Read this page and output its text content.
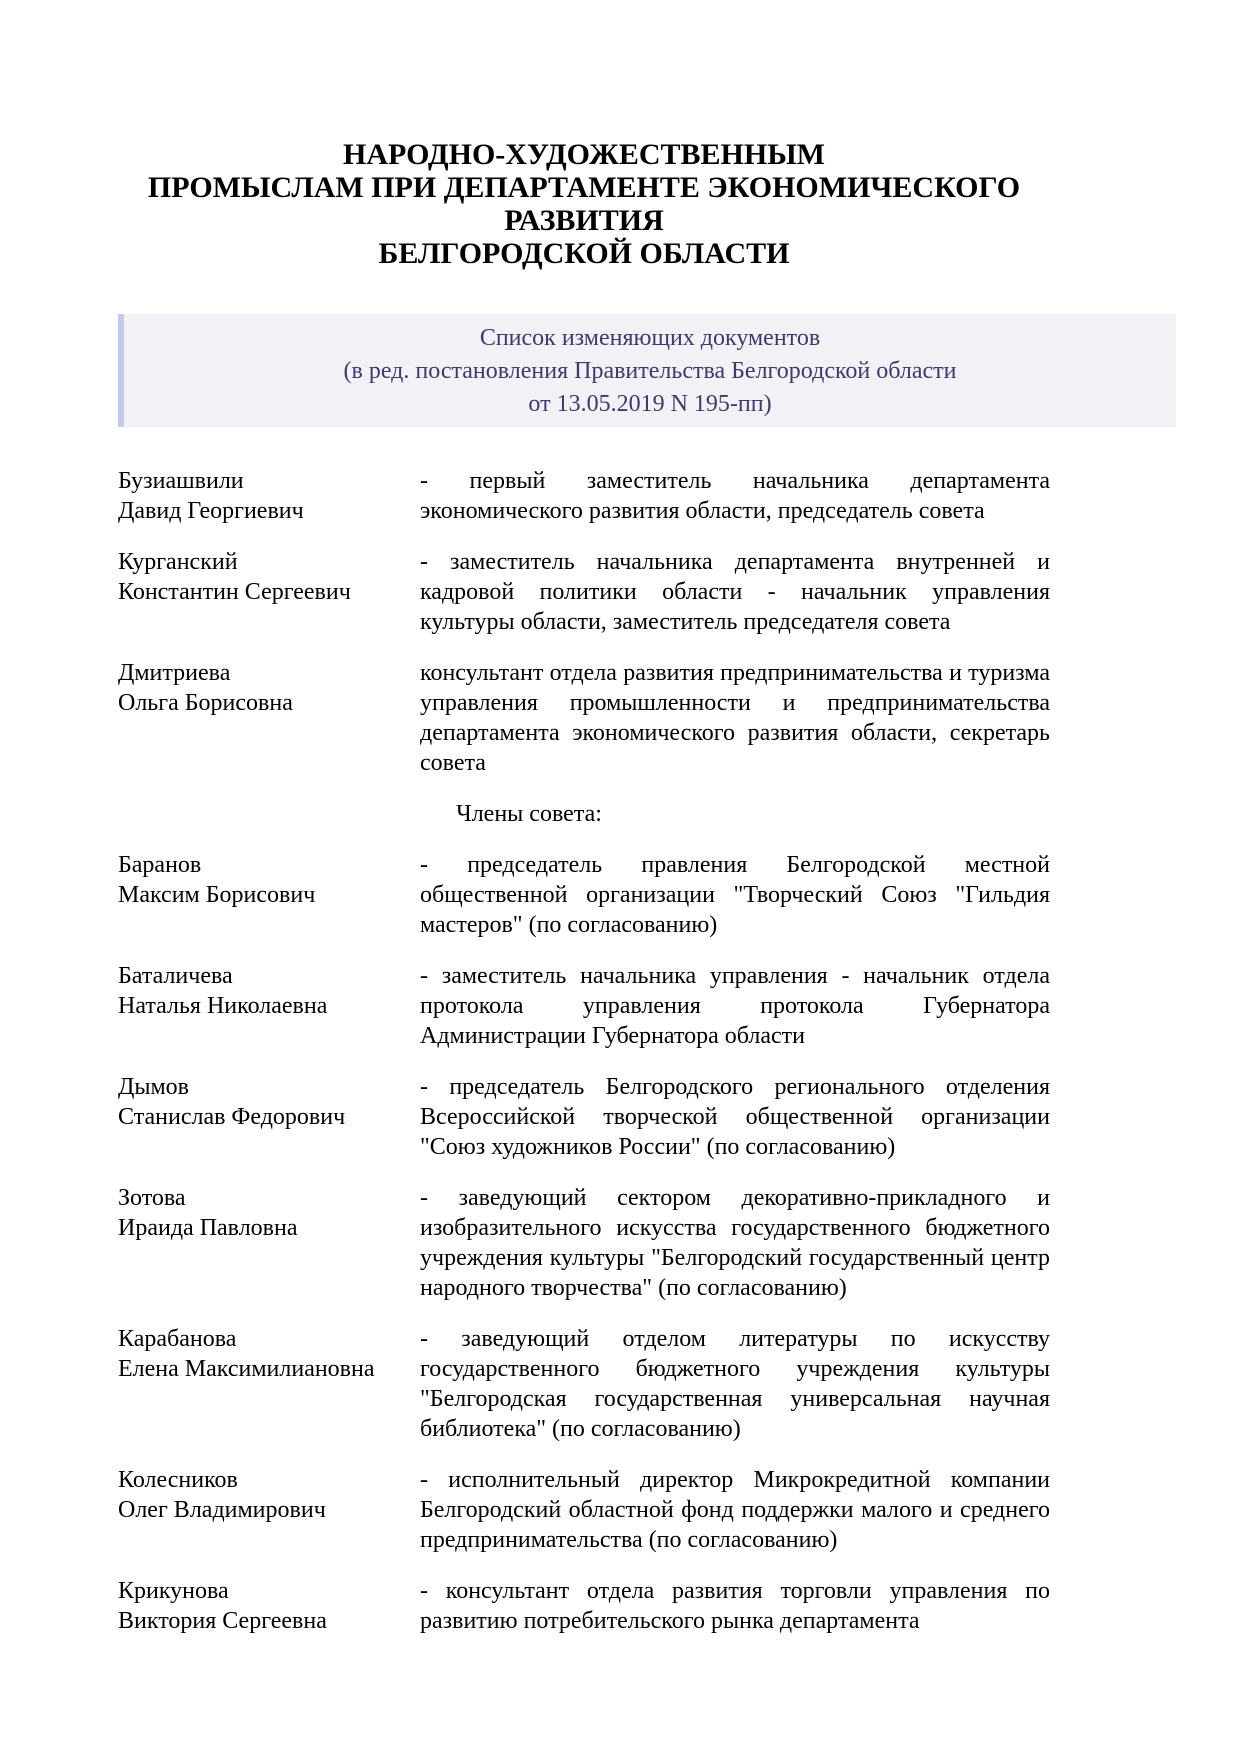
НАРОДНО-ХУДОЖЕСТВЕННЫМ
ПРОМЫСЛАМ ПРИ ДЕПАРТАМЕНТЕ ЭКОНОМИЧЕСКОГО РАЗВИТИЯ
БЕЛГОРОДСКОЙ ОБЛАСТИ
Список изменяющих документов
(в ред. постановления Правительства Белгородской области
от 13.05.2019 N 195-пп)
Бузиашвили
Давид Георгиевич
- первый заместитель начальника департамента экономического развития области, председатель совета
Курганский
Константин Сергеевич
- заместитель начальника департамента внутренней и кадровой политики области - начальник управления культуры области, заместитель председателя совета
Дмитриева
Ольга Борисовна
консультант отдела развития предпринимательства и туризма управления промышленности и предпринимательства департамента экономического развития области, секретарь совета
Члены совета:
Баранов
Максим Борисович
- председатель правления Белгородской местной общественной организации "Творческий Союз "Гильдия мастеров" (по согласованию)
Баталичева
Наталья Николаевна
- заместитель начальника управления - начальник отдела протокола управления протокола Губернатора Администрации Губернатора области
Дымов
Станислав Федорович
- председатель Белгородского регионального отделения Всероссийской творческой общественной организации "Союз художников России" (по согласованию)
Зотова
Ираида Павловна
- заведующий сектором декоративно-прикладного и изобразительного искусства государственного бюджетного учреждения культуры "Белгородский государственный центр народного творчества" (по согласованию)
Карабанова
Елена Максимилиановна
- заведующий отделом литературы по искусству государственного бюджетного учреждения культуры "Белгородская государственная универсальная научная библиотека" (по согласованию)
Колесников
Олег Владимирович
- исполнительный директор Микрокредитной компании Белгородский областной фонд поддержки малого и среднего предпринимательства (по согласованию)
Крикунова
Виктория Сергеевна
- консультант отдела развития торговли управления по развитию потребительского рынка департамента
